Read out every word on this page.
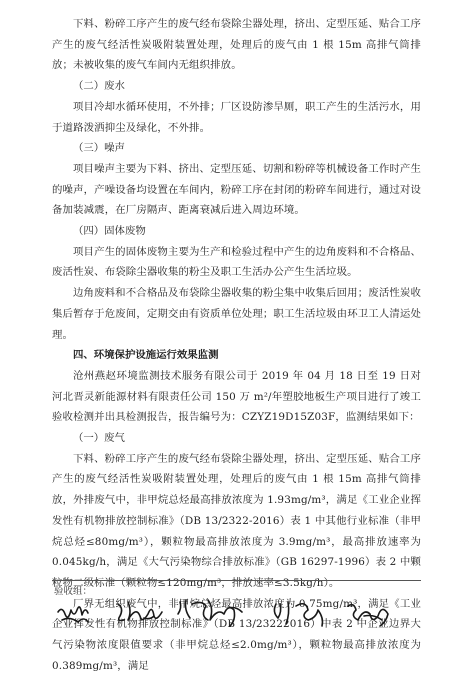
下料、粉碎工序产生的废气经布袋除尘器处理，挤出、定型压延、贴合工序产生的废气经活性炭吸附装置处理，处理后的废气由 1 根 15m 高排气筒排放；未被收集的废气车间内无组织排放。

（二）废水

项目冷却水循环使用，不外排；厂区设防渗旱厕，职工产生的生活污水，用于道路泼洒抑尘及绿化，不外排。

（三）噪声

项目噪声主要为下料、挤出、定型压延、切割和粉碎等机械设备工作时产生的噪声，产噪设备均设置在车间内，粉碎工序在封闭的粉碎车间进行，通过对设备加装减震，在厂房隔声、距离衰减后进入周边环境。

（四）固体废物

项目产生的固体废物主要为生产和检验过程中产生的边角废料和不合格品、废活性炭、布袋除尘器收集的粉尘及职工生活办公产生生活垃圾。

边角废料和不合格品及布袋除尘器收集的粉尘集中收集后回用；废活性炭收集后暂存于危废间，定期交由有资质单位处理；职工生活垃圾由环卫工人清运处理。

四、环境保护设施运行效果监测

沧州燕赵环境监测技术服务有限公司于 2019 年 04 月 18 日至 19 日对河北晋灵新能源材料有限责任公司 150 万 m²/年塑胶地板生产项目进行了竣工验收检测并出具检测报告，报告编号为：CZYZ19D15Z03F，监测结果如下：

（一）废气

下料、粉碎工序产生的废气经布袋除尘器处理，挤出、定型压延、贴合工序产生的废气经活性炭吸附装置处理，处理后的废气由 1 根 15m 高排气筒排放，外排废气中，非甲烷总烃最高排放浓度为 1.93mg/m³，满足《工业企业挥发性有机物排放控制标准》（DB 13/2322-2016）表 1 中其他行业标准（非甲烷总烃≤80mg/m³），颗粒物最高排放浓度为 3.9mg/m³，最高排放速率为 0.045kg/h，满足《大气污染物综合排放标准》（GB 16297-1996）表 2 中颗粒物二级标准（颗粒物≤120mg/m³，排放速率≤3.5kg/h）。

厂界无组织废气中，非甲烷总烃最高排放浓度为 0.75mg/m³，满足《工业企业挥发性有机物排放控制标准》（DB 13/23222016）中表 2 中企业边界大气污染物浓度限值要求（非甲烷总烃≤2.0mg/m³），颗粒物最高排放浓度为 0.389mg/m³，满足

验收组：
